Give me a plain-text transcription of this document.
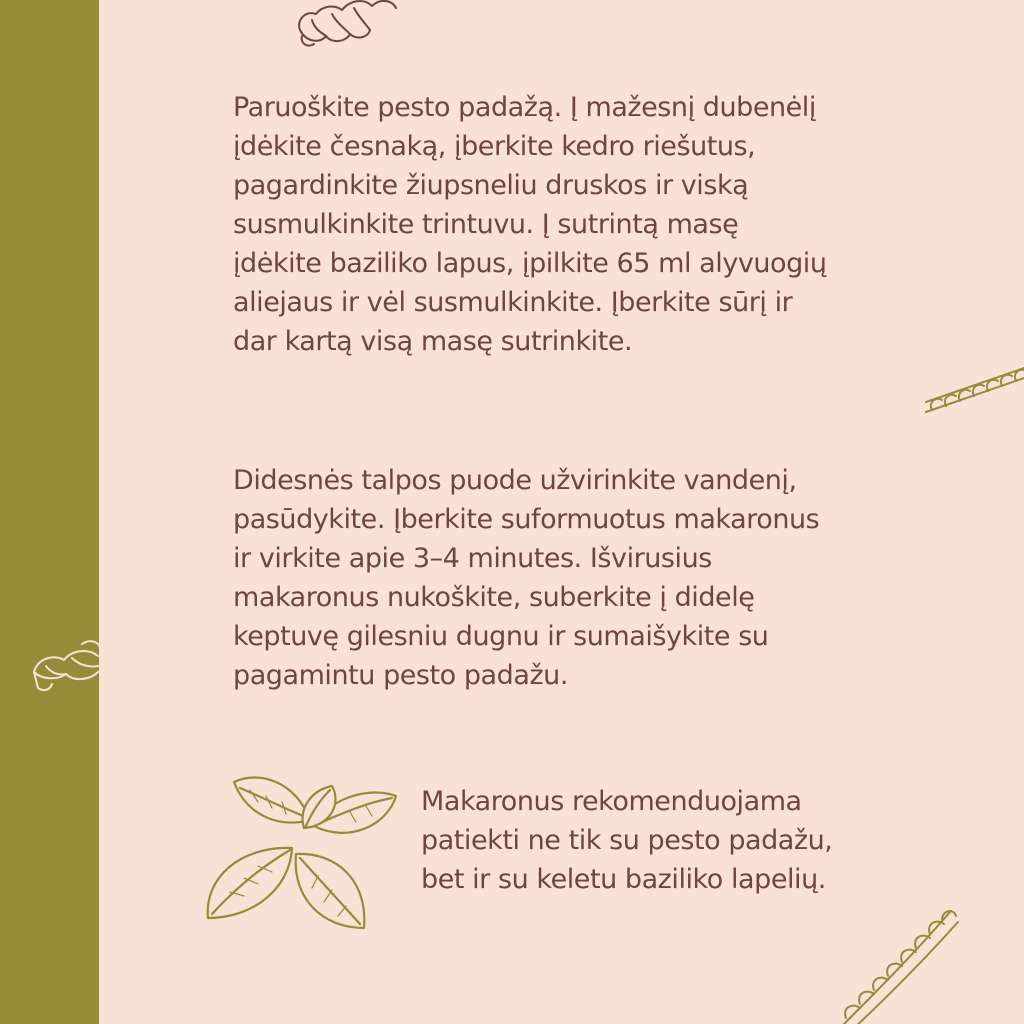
Paruoškite pesto padažą. Į mažesnį dubenėlį
įdėkite česnaką, įberkite kedro riešutus,
pagardinkite žiupsneliu druskos ir viską
susmulkinkite trintuvu. Į sutrintą masę
įdėkite baziliko lapus, įpilkite 65 ml alyvuogių
aliejaus ir vėl susmulkinkite. Įberkite sūrį ir
dar kartą visą masę sutrinkite.

Didesnės talpos puode užvirinkite vandenį,
pasūdykite. Įberkite suformuotus makaronus
ir virkite apie 3–4 minutes. Išvirusius
makaronus nukoškite, suberkite į didelę
keptuvę gilesniu dugnu ir sumaišykite su
pagamintu pesto padažu.

Makaronus rekomenduojama
patiekti ne tik su pesto padažu,
bet ir su keletu baziliko lapelių.
